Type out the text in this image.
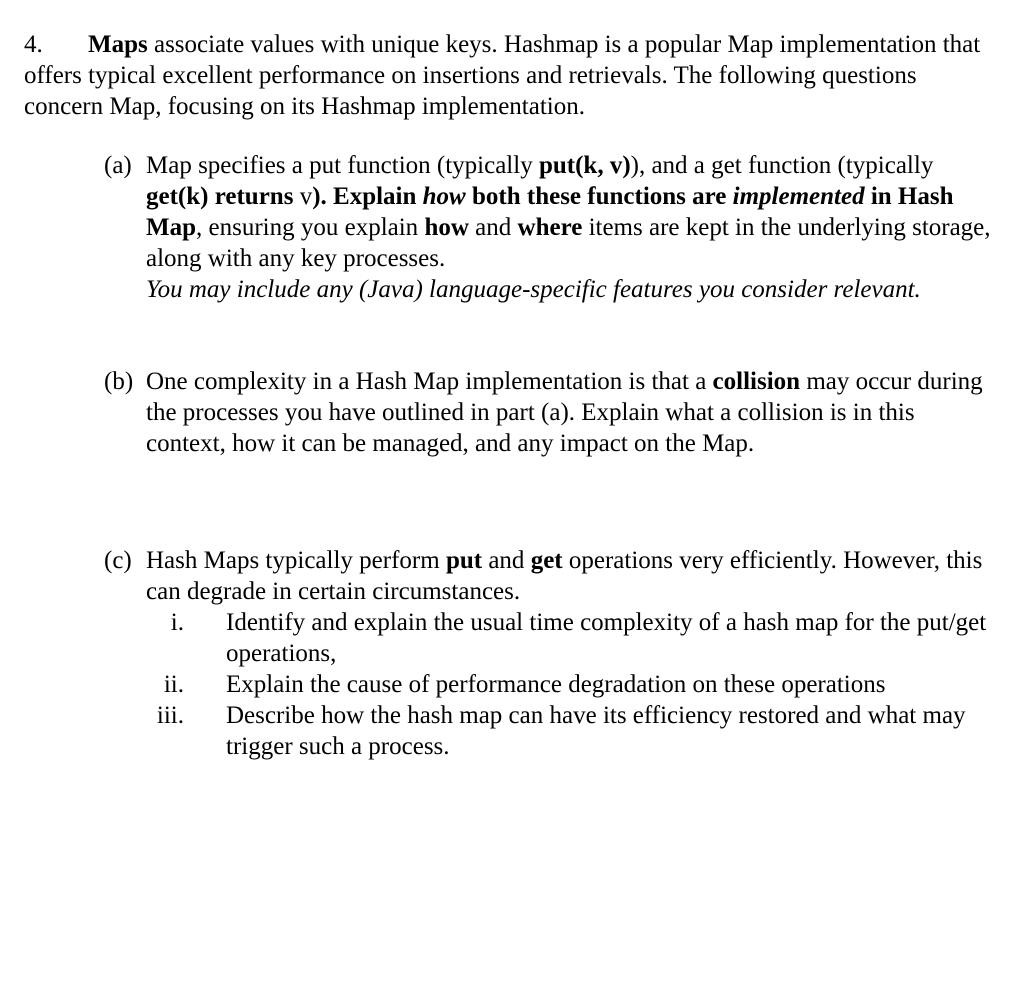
4. Maps associate values with unique keys. Hashmap is a popular Map implementation that offers typical excellent performance on insertions and retrievals. The following questions concern Map, focusing on its Hashmap implementation.
(a) Map specifies a put function (typically put(k, v)), and a get function (typically get(k) returns v). Explain how both these functions are implemented in Hash Map, ensuring you explain how and where items are kept in the underlying storage, along with any key processes.
You may include any (Java) language-specific features you consider relevant.
(b) One complexity in a Hash Map implementation is that a collision may occur during the processes you have outlined in part (a). Explain what a collision is in this context, how it can be managed, and any impact on the Map.
(c) Hash Maps typically perform put and get operations very efficiently. However, this can degrade in certain circumstances.
i. Identify and explain the usual time complexity of a hash map for the put/get operations,
ii. Explain the cause of performance degradation on these operations
iii. Describe how the hash map can have its efficiency restored and what may trigger such a process.
